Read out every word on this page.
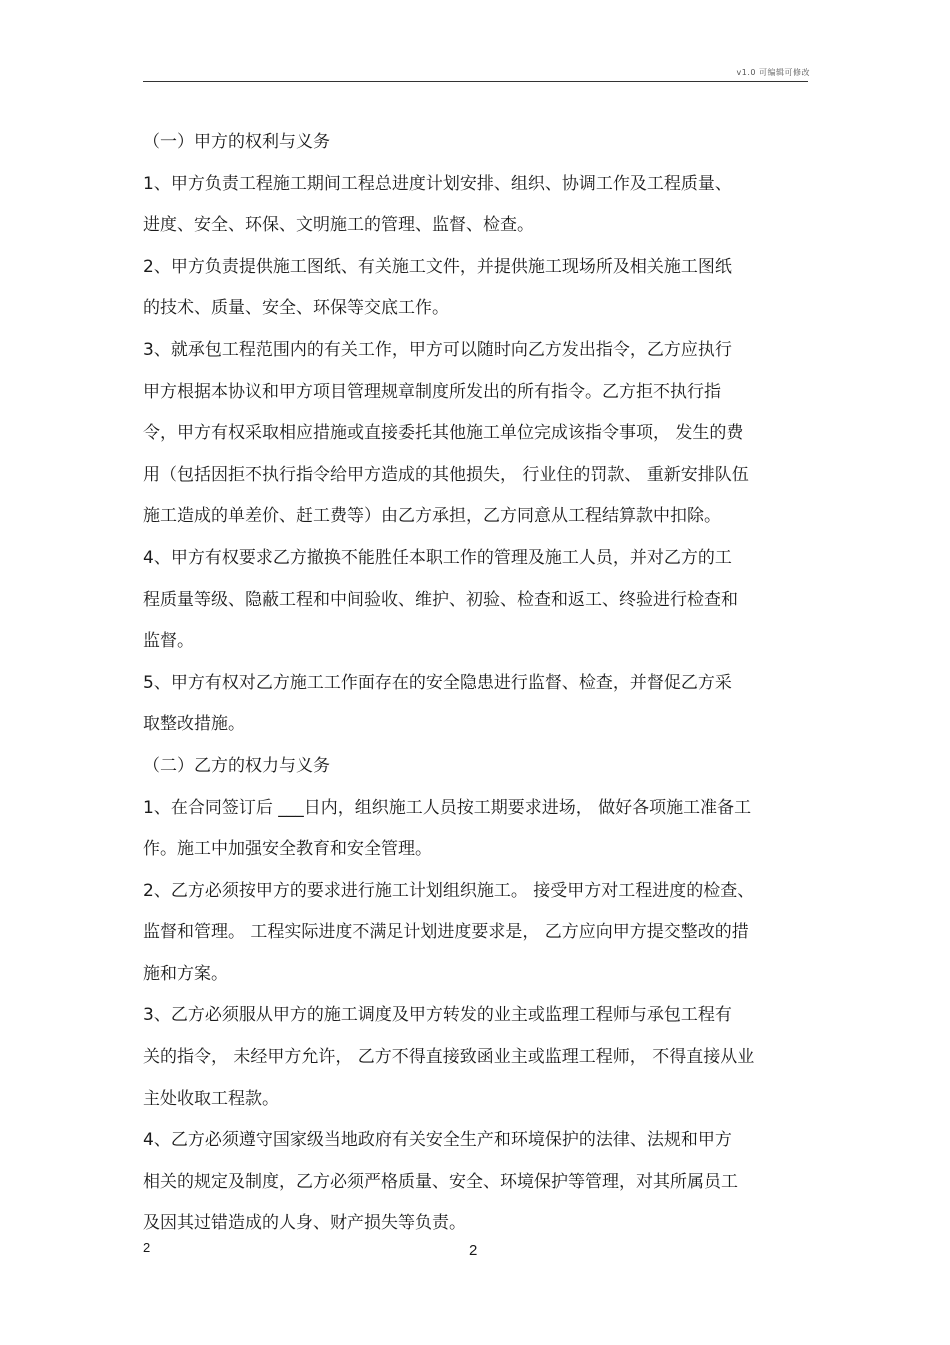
v1.0 可编辑可修改
（一）甲方的权利与义务
1、甲方负责工程施工期间工程总进度计划安排、组织、协调工作及工程质量、
进度、安全、环保、文明施工的管理、监督、检查。
2、甲方负责提供施工图纸、有关施工文件，并提供施工现场所及相关施工图纸
的技术、质量、安全、环保等交底工作。
3、就承包工程范围内的有关工作，甲方可以随时向乙方发出指令，乙方应执行
甲方根据本协议和甲方项目管理规章制度所发出的所有指令。乙方拒不执行指
令，甲方有权采取相应措施或直接委托其他施工单位完成该指令事项， 发生的费
用（包括因拒不执行指令给甲方造成的其他损失， 行业住的罚款、 重新安排队伍
施工造成的单差价、赶工费等）由乙方承担，乙方同意从工程结算款中扣除。
4、甲方有权要求乙方撤换不能胜任本职工作的管理及施工人员，并对乙方的工
程质量等级、隐蔽工程和中间验收、维护、初验、检查和返工、终验进行检查和
监督。
5、甲方有权对乙方施工工作面存在的安全隐患进行监督、检查，并督促乙方采
取整改措施。
（二）乙方的权力与义务
1、在合同签订后 ___日内，组织施工人员按工期要求进场， 做好各项施工准备工
作。施工中加强安全教育和安全管理。
2、乙方必须按甲方的要求进行施工计划组织施工。 接受甲方对工程进度的检查、
监督和管理。 工程实际进度不满足计划进度要求是， 乙方应向甲方提交整改的措
施和方案。
3、乙方必须服从甲方的施工调度及甲方转发的业主或监理工程师与承包工程有
关的指令， 未经甲方允许， 乙方不得直接致函业主或监理工程师， 不得直接从业
主处收取工程款。
4、乙方必须遵守国家级当地政府有关安全生产和环境保护的法律、法规和甲方
相关的规定及制度，乙方必须严格质量、安全、环境保护等管理，对其所属员工
及因其过错造成的人身、财产损失等负责。
2	2
